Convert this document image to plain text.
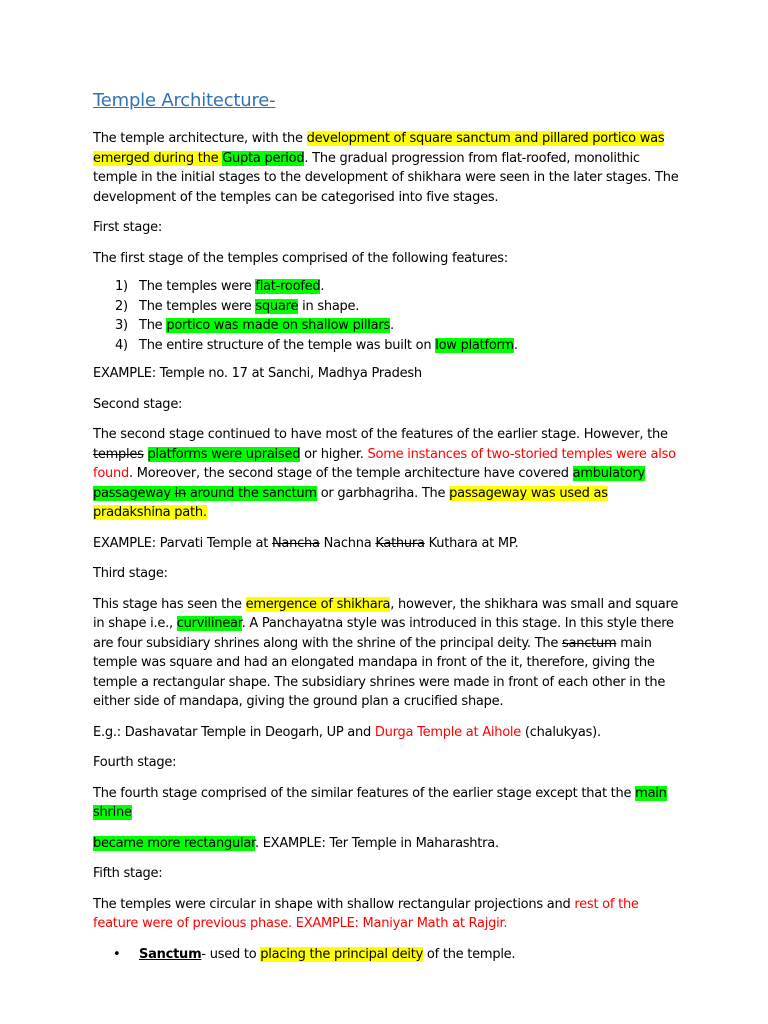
Temple Architecture-

The temple architecture, with the development of square sanctum and pillared portico was emerged during the Gupta period. The gradual progression from flat-roofed, monolithic temple in the initial stages to the development of shikhara were seen in the later stages. The development of the temples can be categorised into five stages.

First stage:

The first stage of the temples comprised of the following features:

1) The temples were flat-roofed.
2) The temples were square in shape.
3) The portico was made on shallow pillars.
4) The entire structure of the temple was built on low platform.

EXAMPLE: Temple no. 17 at Sanchi, Madhya Pradesh

Second stage:

The second stage continued to have most of the features of the earlier stage. However, the temples platforms were upraised or higher. Some instances of two-storied temples were also found. Moreover, the second stage of the temple architecture have covered ambulatory passageway in around the sanctum or garbhagriha. The passageway was used as pradakshina path.

EXAMPLE: Parvati Temple at Nancha Nachna Kathura Kuthara at MP.

Third stage:

This stage has seen the emergence of shikhara, however, the shikhara was small and square in shape i.e., curvilinear. A Panchayatna style was introduced in this stage. In this style there are four subsidiary shrines along with the shrine of the principal deity. The sanctum main temple was square and had an elongated mandapa in front of the it, therefore, giving the temple a rectangular shape. The subsidiary shrines were made in front of each other in the either side of mandapa, giving the ground plan a crucified shape.

E.g.: Dashavatar Temple in Deogarh, UP and Durga Temple at Aihole (chalukyas).

Fourth stage:

The fourth stage comprised of the similar features of the earlier stage except that the main shrine

became more rectangular. EXAMPLE: Ter Temple in Maharashtra.

Fifth stage:

The temples were circular in shape with shallow rectangular projections and rest of the feature were of previous phase. EXAMPLE: Maniyar Math at Rajgir.

• Sanctum- used to placing the principal deity of the temple.
